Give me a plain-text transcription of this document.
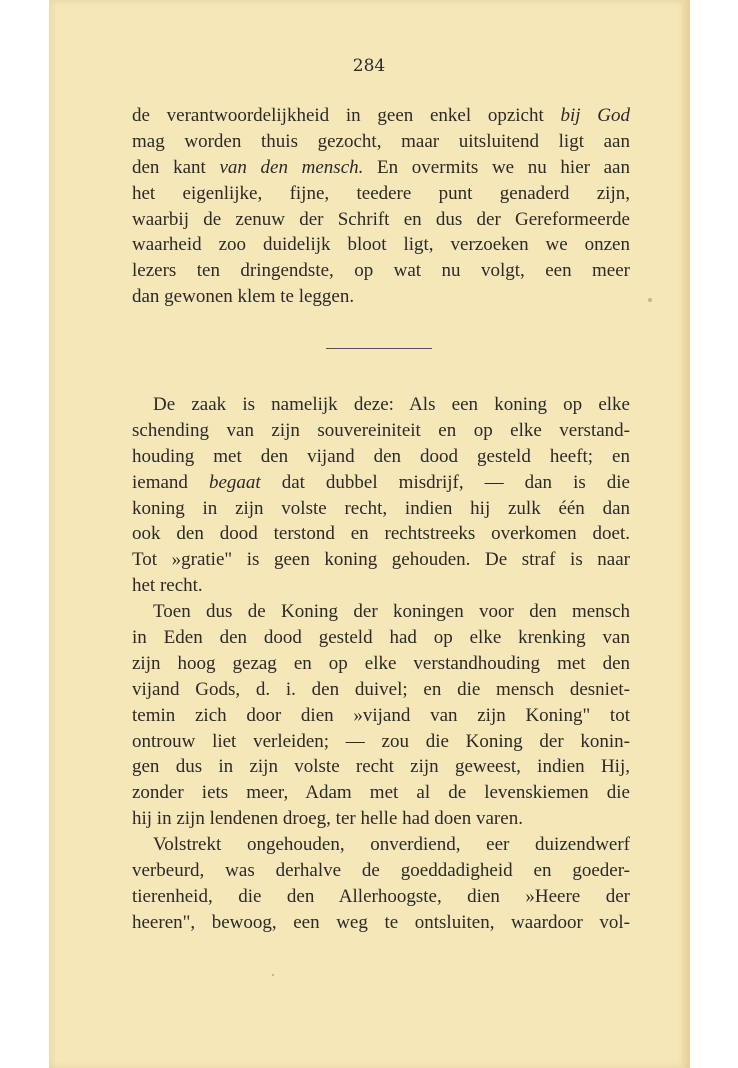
284
de verantwoordelijkheid in geen enkel opzicht bij God
mag worden thuis gezocht, maar uitsluitend ligt aan
den kant van den mensch. En overmits we nu hier aan
het eigenlijke, fijne, teedere punt genaderd zijn,
waarbij de zenuw der Schrift en dus der Gereformeerde
waarheid zoo duidelijk bloot ligt, verzoeken we onzen
lezers ten dringendste, op wat nu volgt, een meer
dan gewonen klem te leggen.
De zaak is namelijk deze: Als een koning op elke
schending van zijn souvereiniteit en op elke verstand-
houding met den vijand den dood gesteld heeft; en
iemand begaat dat dubbel misdrijf, — dan is die
koning in zijn volste recht, indien hij zulk één dan
ook den dood terstond en rechtstreeks overkomen doet.
Tot »gratie" is geen koning gehouden. De straf is naar
het recht.
Toen dus de Koning der koningen voor den mensch
in Eden den dood gesteld had op elke krenking van
zijn hoog gezag en op elke verstandhouding met den
vijand Gods, d. i. den duivel; en die mensch desniet-
temin zich door dien »vijand van zijn Koning" tot
ontrouw liet verleiden; — zou die Koning der konin-
gen dus in zijn volste recht zijn geweest, indien Hij,
zonder iets meer, Adam met al de levenskiemen die
hij in zijn lendenen droeg, ter helle had doen varen.
Volstrekt ongehouden, onverdiend, eer duizendwerf
verbeurd, was derhalve de goeddadigheid en goeder-
tierenheid, die den Allerhoogste, dien »Heere der
heeren", bewoog, een weg te ontsluiten, waardoor vol-
